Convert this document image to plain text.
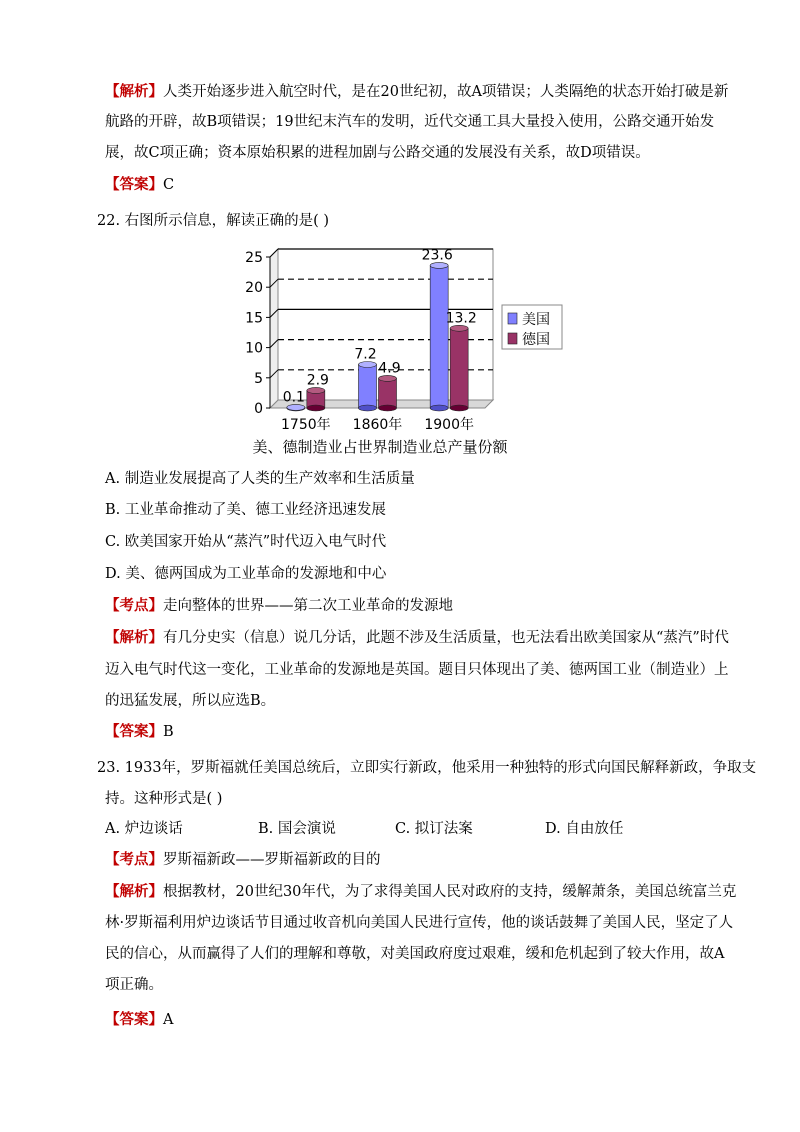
【解析】人类开始逐步进入航空时代，是在20世纪初，故A项错误；人类隔绝的状态开始打破是新
航路的开辟，故B项错误；19世纪末汽车的发明，近代交通工具大量投入使用，公路交通开始发
展，故C项正确；资本原始积累的进程加剧与公路交通的发展没有关系，故D项错误。
【答案】C
22. 右图所示信息，解读正确的是( )
0
5
10
15
20
25
0.1
2.9
1750年
7.2
4.9
1860年
23.6
13.2
1900年
美国
德国
美、德制造业占世界制造业总产量份额
A. 制造业发展提高了人类的生产效率和生活质量
B. 工业革命推动了美、德工业经济迅速发展
C. 欧美国家开始从“蒸汽”时代迈入电气时代
D. 美、德两国成为工业革命的发源地和中心
【考点】走向整体的世界——第二次工业革命的发源地
【解析】有几分史实（信息）说几分话，此题不涉及生活质量，也无法看出欧美国家从“蒸汽”时代
迈入电气时代这一变化，工业革命的发源地是英国。题目只体现出了美、德两国工业（制造业）上
的迅猛发展，所以应选B。
【答案】B
23. 1933年，罗斯福就任美国总统后，立即实行新政，他采用一种独特的形式向国民解释新政，争取支
持。这种形式是( )
A. 炉边谈话	B. 国会演说	C. 拟订法案	D. 自由放任
【考点】罗斯福新政——罗斯福新政的目的
【解析】根据教材，20世纪30年代，为了求得美国人民对政府的支持，缓解萧条，美国总统富兰克
林·罗斯福利用炉边谈话节目通过收音机向美国人民进行宣传，他的谈话鼓舞了美国人民，坚定了人
民的信心，从而赢得了人们的理解和尊敬，对美国政府度过艰难，缓和危机起到了较大作用，故A
项正确。
【答案】A
